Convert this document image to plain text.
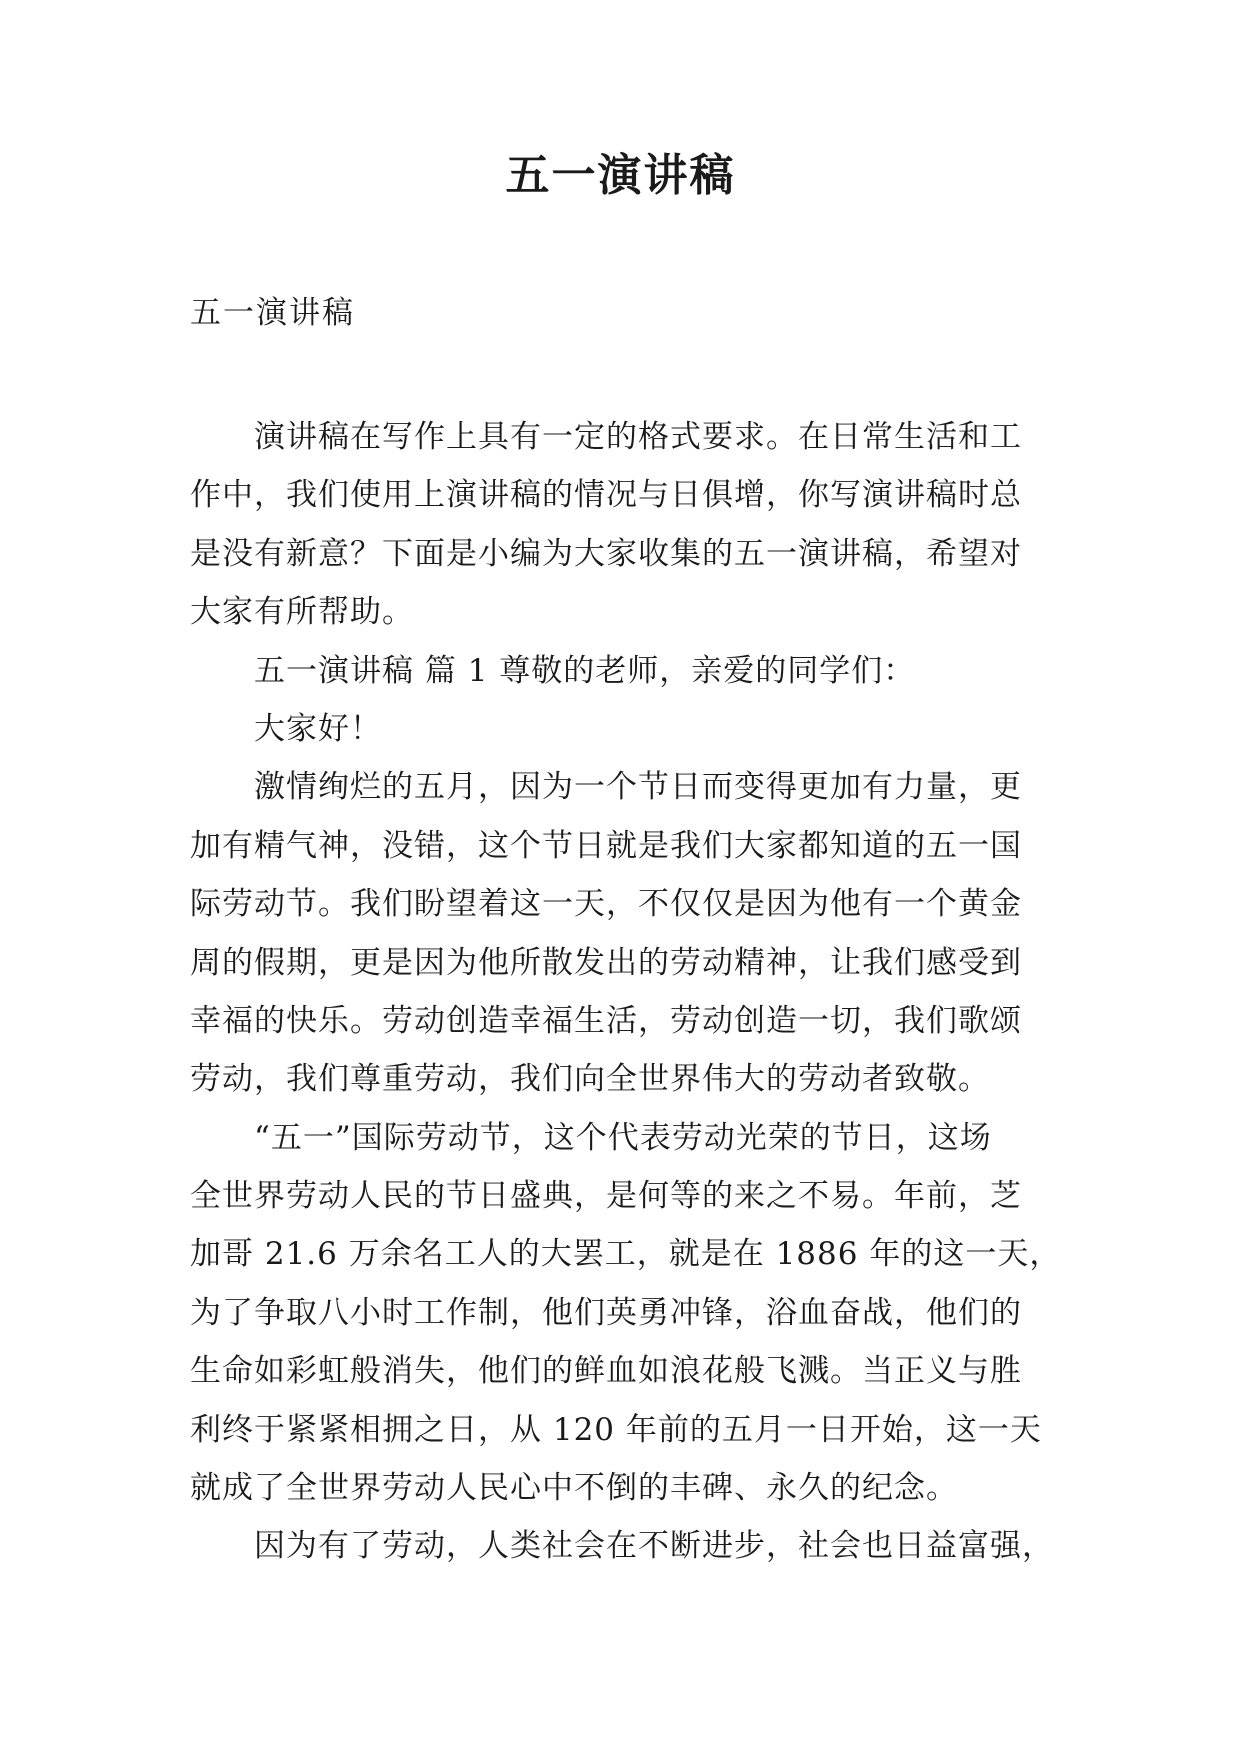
五一演讲稿

五一演讲稿

演讲稿在写作上具有一定的格式要求。在日常生活和工
作中，我们使用上演讲稿的情况与日俱增，你写演讲稿时总
是没有新意？下面是小编为大家收集的五一演讲稿，希望对
大家有所帮助。
五一演讲稿 篇 1 尊敬的老师，亲爱的同学们：
大家好！
激情绚烂的五月，因为一个节日而变得更加有力量，更
加有精气神，没错，这个节日就是我们大家都知道的五一国
际劳动节。我们盼望着这一天，不仅仅是因为他有一个黄金
周的假期，更是因为他所散发出的劳动精神，让我们感受到
幸福的快乐。劳动创造幸福生活，劳动创造一切，我们歌颂
劳动，我们尊重劳动，我们向全世界伟大的劳动者致敬。
“五一”国际劳动节，这个代表劳动光荣的节日，这场
全世界劳动人民的节日盛典，是何等的来之不易。年前，芝
加哥 21.6 万余名工人的大罢工，就是在 1886 年的这一天，
为了争取八小时工作制，他们英勇冲锋，浴血奋战，他们的
生命如彩虹般消失，他们的鲜血如浪花般飞溅。当正义与胜
利终于紧紧相拥之日，从 120 年前的五月一日开始，这一天
就成了全世界劳动人民心中不倒的丰碑、永久的纪念。
因为有了劳动，人类社会在不断进步，社会也日益富强，
